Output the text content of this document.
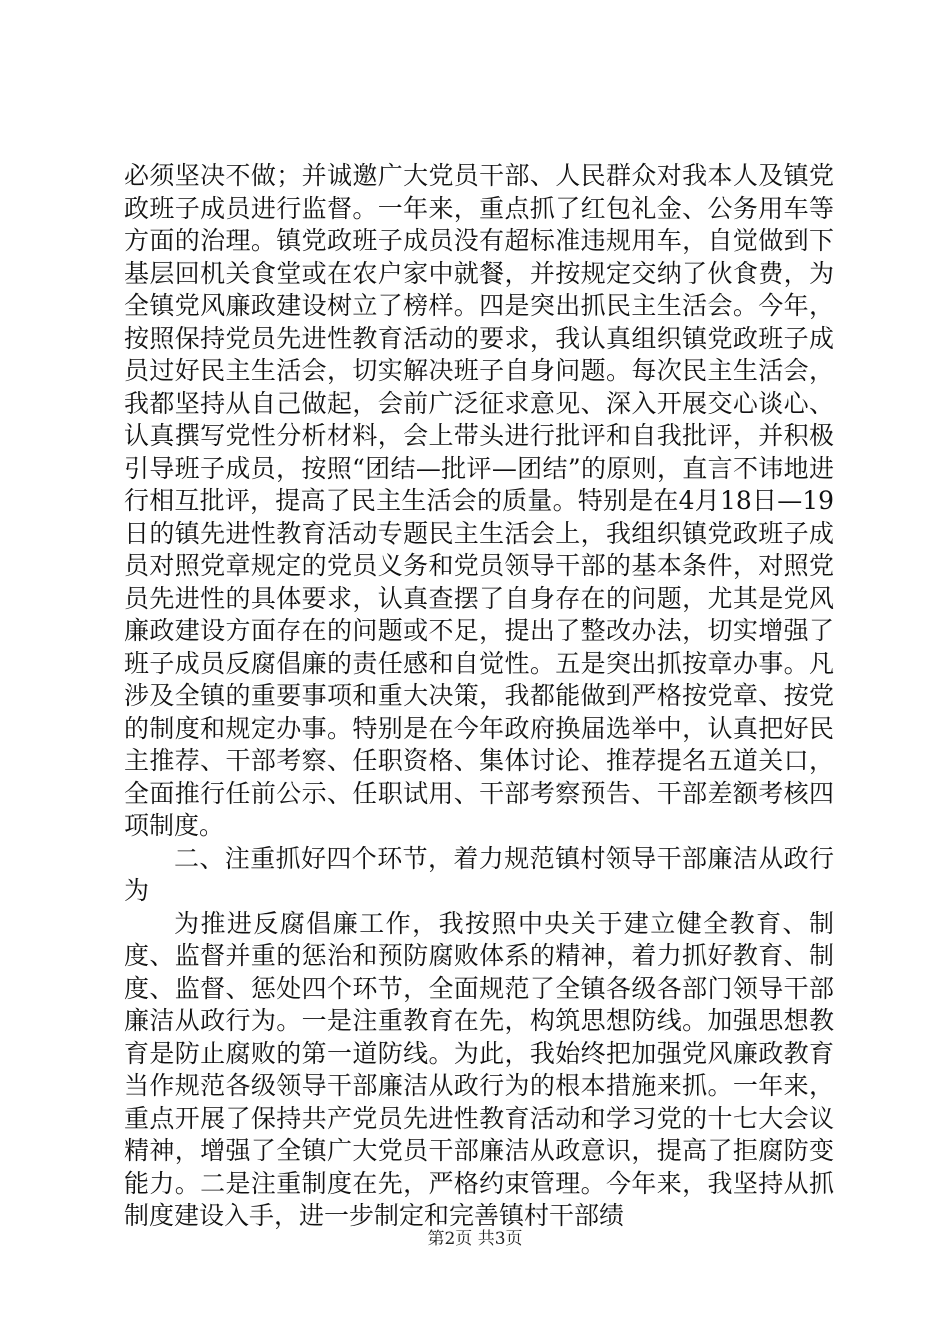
必须坚决不做；并诚邀广大党员干部、人民群众对我本人及镇党政班子成员进行监督。一年来，重点抓了红包礼金、公务用车等方面的治理。镇党政班子成员没有超标准违规用车，自觉做到下基层回机关食堂或在农户家中就餐，并按规定交纳了伙食费，为全镇党风廉政建设树立了榜样。四是突出抓民主生活会。今年，按照保持党员先进性教育活动的要求，我认真组织镇党政班子成员过好民主生活会，切实解决班子自身问题。每次民主生活会，我都坚持从自己做起，会前广泛征求意见、深入开展交心谈心、认真撰写党性分析材料，会上带头进行批评和自我批评，并积极引导班子成员，按照“团结—批评—团结”的原则，直言不讳地进行相互批评，提高了民主生活会的质量。特别是在4月18日—19日的镇先进性教育活动专题民主生活会上，我组织镇党政班子成员对照党章规定的党员义务和党员领导干部的基本条件，对照党员先进性的具体要求，认真查摆了自身存在的问题，尤其是党风廉政建设方面存在的问题或不足，提出了整改办法，切实增强了班子成员反腐倡廉的责任感和自觉性。五是突出抓按章办事。凡涉及全镇的重要事项和重大决策，我都能做到严格按党章、按党的制度和规定办事。特别是在今年政府换届选举中，认真把好民主推荐、干部考察、任职资格、集体讨论、推荐提名五道关口，全面推行任前公示、任职试用、干部考察预告、干部差额考核四项制度。

二、注重抓好四个环节，着力规范镇村领导干部廉洁从政行为

为推进反腐倡廉工作，我按照中央关于建立健全教育、制度、监督并重的惩治和预防腐败体系的精神，着力抓好教育、制度、监督、惩处四个环节，全面规范了全镇各级各部门领导干部廉洁从政行为。一是注重教育在先，构筑思想防线。加强思想教育是防止腐败的第一道防线。为此，我始终把加强党风廉政教育当作规范各级领导干部廉洁从政行为的根本措施来抓。一年来，重点开展了保持共产党员先进性教育活动和学习党的十七大会议精神，增强了全镇广大党员干部廉洁从政意识，提高了拒腐防变能力。二是注重制度在先，严格约束管理。今年来，我坚持从抓制度建设入手，进一步制定和完善镇村干部绩

第2页 共3页
